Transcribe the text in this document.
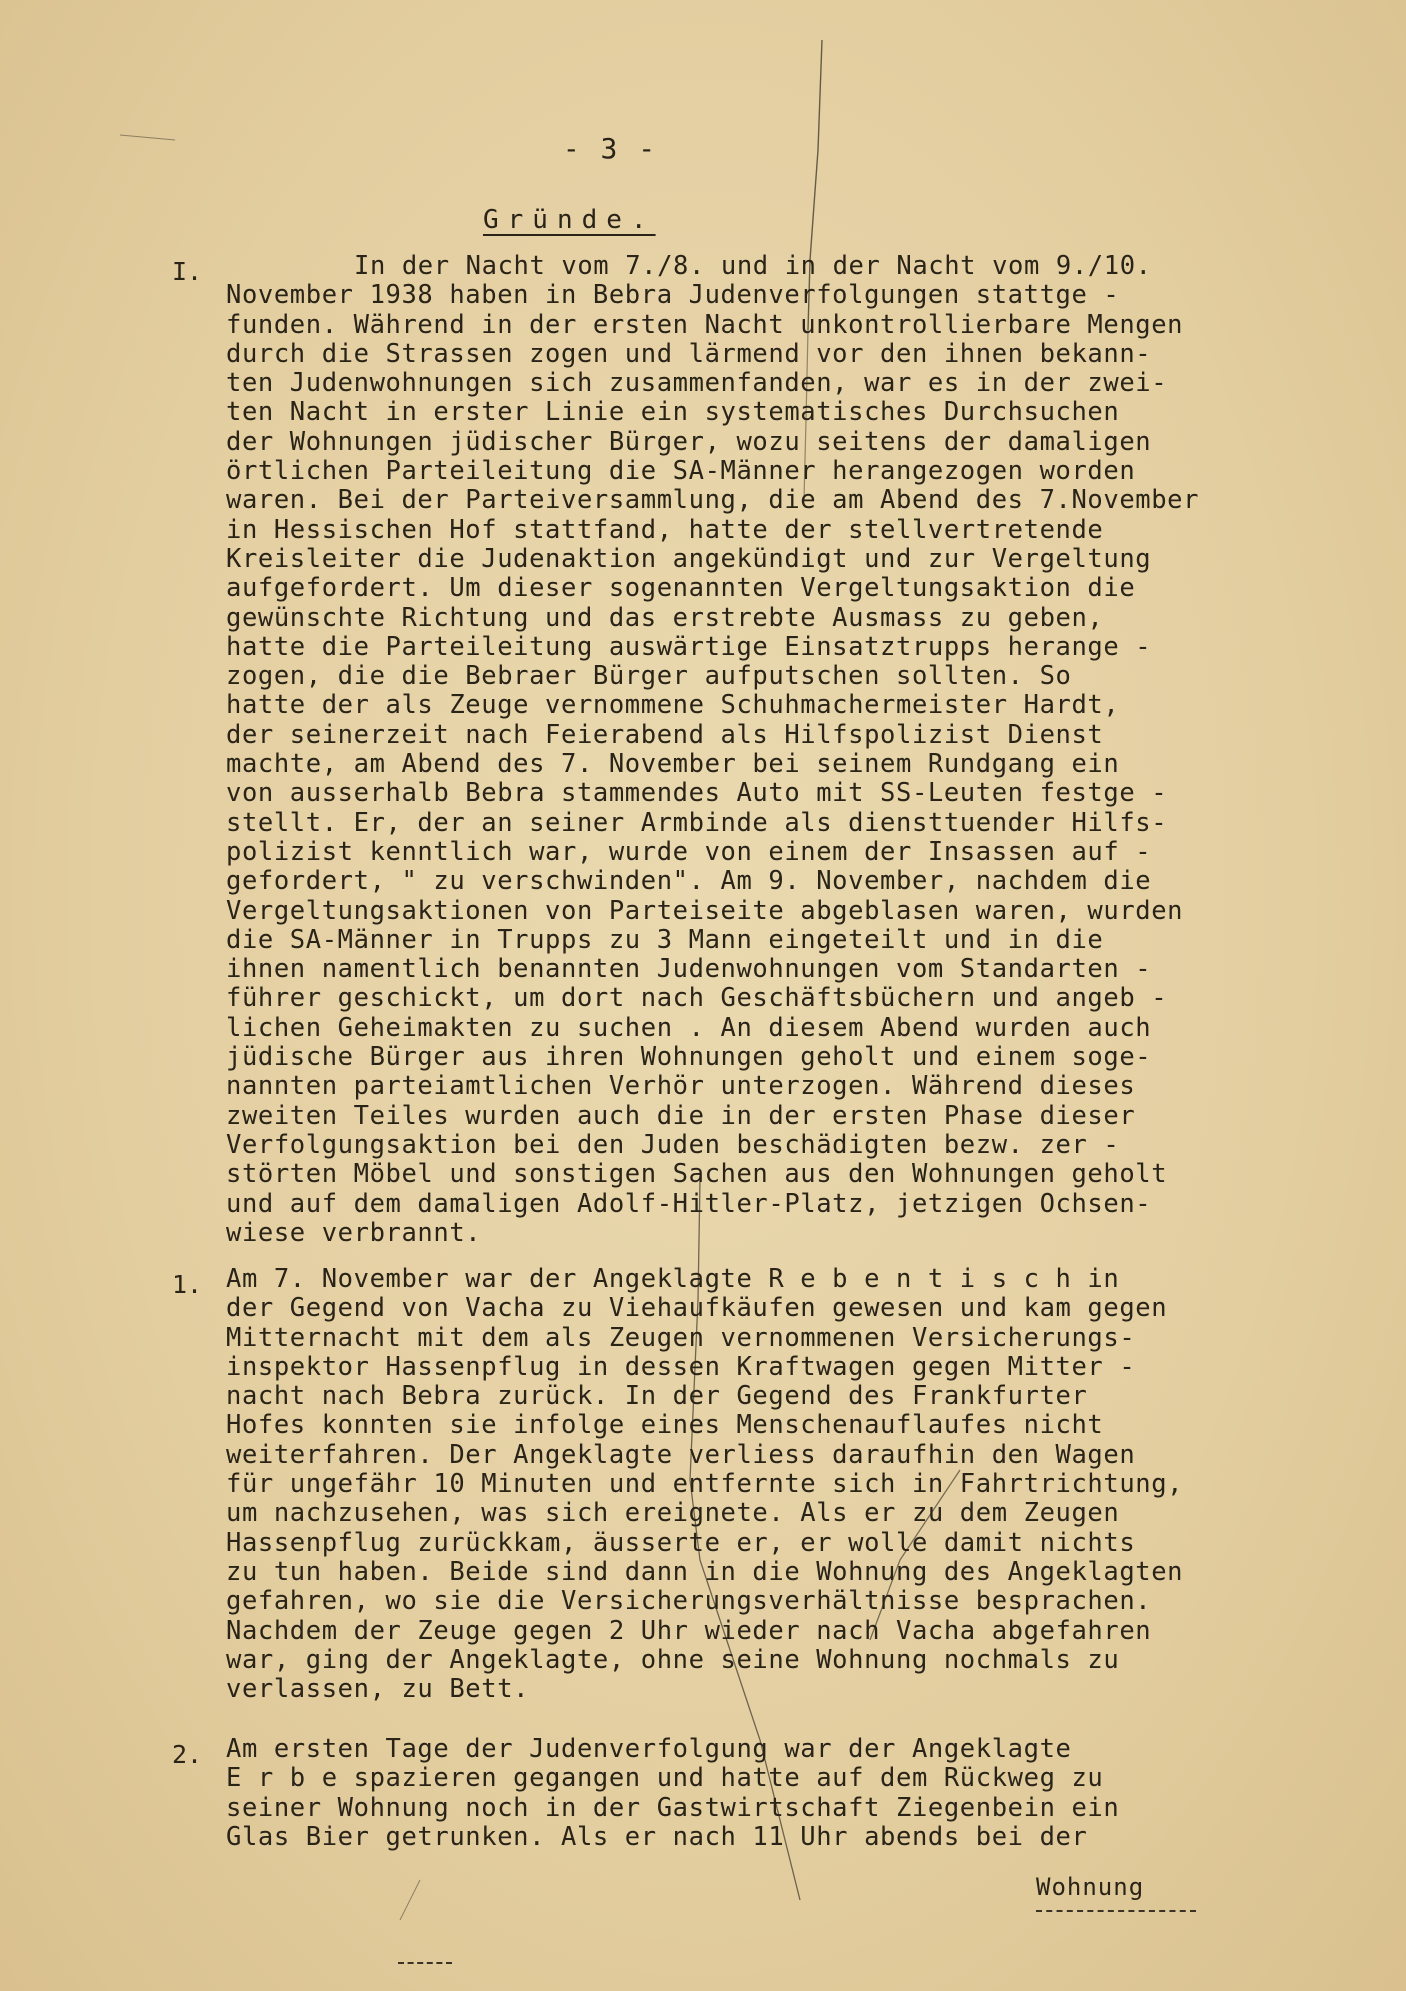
- 3 -
Gründe.
I.	In der Nacht vom 7./8. und in der Nacht vom 9./10.
November 1938 haben in Bebra Judenverfolgungen stattge -
funden. Während in der ersten Nacht unkontrollierbare Mengen
durch die Strassen zogen und lärmend vor den ihnen bekann-
ten Judenwohnungen sich zusammenfanden, war es in der zwei-
ten Nacht in erster Linie ein systematisches Durchsuchen
der Wohnungen jüdischer Bürger, wozu seitens der damaligen
örtlichen Parteileitung die SA-Männer herangezogen worden
waren. Bei der Parteiversammlung, die am Abend des 7.November
in Hessischen Hof stattfand, hatte der stellvertretende
Kreisleiter die Judenaktion angekündigt und zur Vergeltung
aufgefordert. Um dieser sogenannten Vergeltungsaktion die
gewünschte Richtung und das erstrebte Ausmass zu geben,
hatte die Parteileitung auswärtige Einsatztrupps herange -
zogen, die die Bebraer Bürger aufputschen sollten. So
hatte der als Zeuge vernommene Schuhmachermeister Hardt,
der seinerzeit nach Feierabend als Hilfspolizist Dienst
machte, am Abend des 7. November bei seinem Rundgang ein
von ausserhalb Bebra stammendes Auto mit SS-Leuten festge -
stellt. Er, der an seiner Armbinde als diensttuender Hilfs-
polizist kenntlich war, wurde von einem der Insassen auf -
gefordert, " zu verschwinden". Am 9. November, nachdem die
Vergeltungsaktionen von Parteiseite abgeblasen waren, wurden
die SA-Männer in Trupps zu 3 Mann eingeteilt und in die
ihnen namentlich benannten Judenwohnungen vom Standarten -
führer geschickt, um dort nach Geschäftsbüchern und angeb -
lichen Geheimakten zu suchen . An diesem Abend wurden auch
jüdische Bürger aus ihren Wohnungen geholt und einem soge-
nannten parteiamtlichen Verhör unterzogen. Während dieses
zweiten Teiles wurden auch die in der ersten Phase dieser
Verfolgungsaktion bei den Juden beschädigten bezw. zer -
störten Möbel und sonstigen Sachen aus den Wohnungen geholt
und auf dem damaligen Adolf-Hitler-Platz, jetzigen Ochsen-
wiese verbrannt.
1. Am 7. November war der Angeklagte R e b e n t i s c h in
der Gegend von Vacha zu Viehaufkäufen gewesen und kam gegen
Mitternacht mit dem als Zeugen vernommenen Versicherungs-
inspektor Hassenpflug in dessen Kraftwagen gegen Mitter -
nacht nach Bebra zurück. In der Gegend des Frankfurter
Hofes konnten sie infolge eines Menschenauflaufes nicht
weiterfahren. Der Angeklagte verliess daraufhin den Wagen
für ungefähr 10 Minuten und entfernte sich in Fahrtrichtung,
um nachzusehen, was sich ereignete. Als er zu dem Zeugen
Hassenpflug zurückkam, äusserte er, er wolle damit nichts
zu tun haben. Beide sind dann in die Wohnung des Angeklagten
gefahren, wo sie die Versicherungsverhältnisse besprachen.
Nachdem der Zeuge gegen 2 Uhr wieder nach Vacha abgefahren
war, ging der Angeklagte, ohne seine Wohnung nochmals zu
verlassen, zu Bett.
2. Am ersten Tage der Judenverfolgung war der Angeklagte
E r b e spazieren gegangen und hatte auf dem Rückweg zu
seiner Wohnung noch in der Gastwirtschaft Ziegenbein ein
Glas Bier getrunken. Als er nach 11 Uhr abends bei der
Wohnung
